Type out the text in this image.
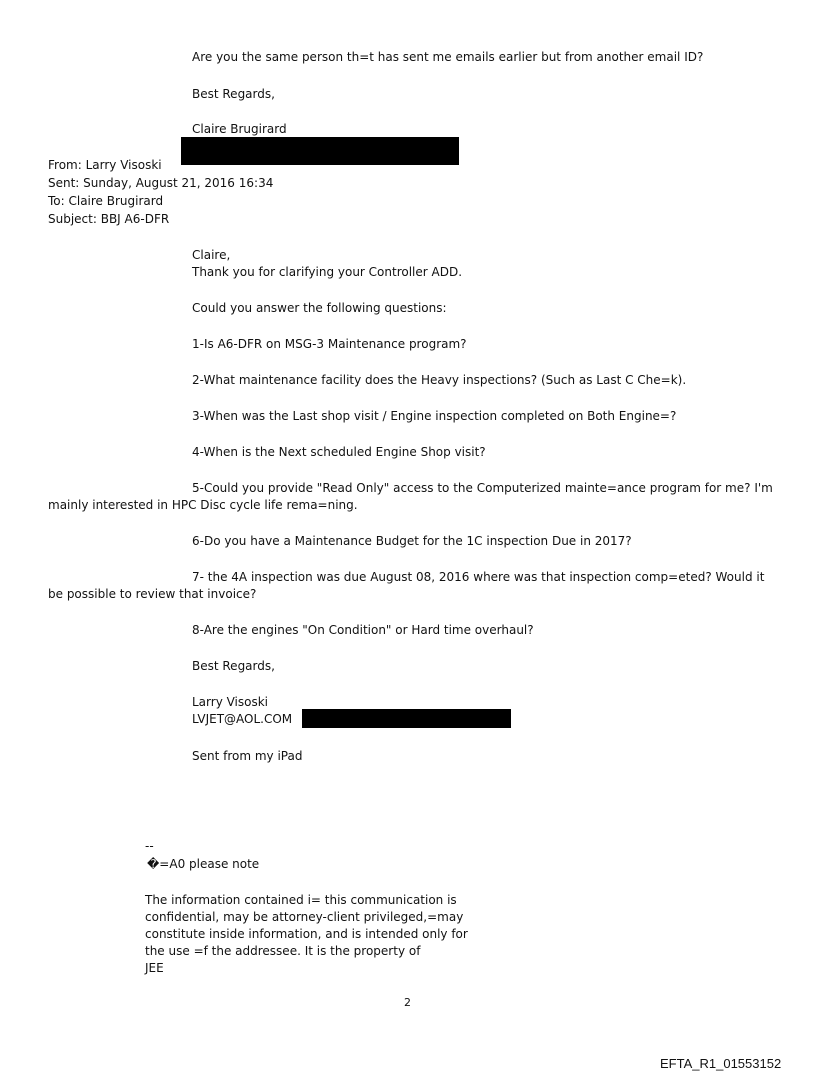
Are you the same person th=t has sent me emails earlier but from another email ID?
Best Regards,
Claire Brugirard
From: Larry Visoski
Sent: Sunday, August 21, 2016 16:34
To: Claire Brugirard
Subject: BBJ A6-DFR
Claire,
Thank you for clarifying your Controller ADD.
Could you answer the following questions:
1-Is A6-DFR on MSG-3 Maintenance program?
2-What maintenance facility does the Heavy inspections? (Such as Last C Che=k).
3-When was the Last shop visit / Engine inspection completed on Both Engine=?
4-When is the Next scheduled Engine Shop visit?
5-Could you provide "Read Only" access to the Computerized mainte=ance program for me? I'm
mainly interested in HPC Disc cycle life rema=ning.
6-Do you have a Maintenance Budget for the 1C inspection Due in 2017?
7- the 4A inspection was due August 08, 2016 where was that inspection comp=eted? Would it
be possible to review that invoice?
8-Are the engines "On Condition" or Hard time overhaul?
Best Regards,
Larry Visoski
LVJET@AOL.COM
Sent from my iPad
--
�=A0 please note
The information contained i= this communication is
confidential, may be attorney-client privileged,=may
constitute inside information, and is intended only for
the use =f the addressee. It is the property of
JEE
2
EFTA_R1_01553152
